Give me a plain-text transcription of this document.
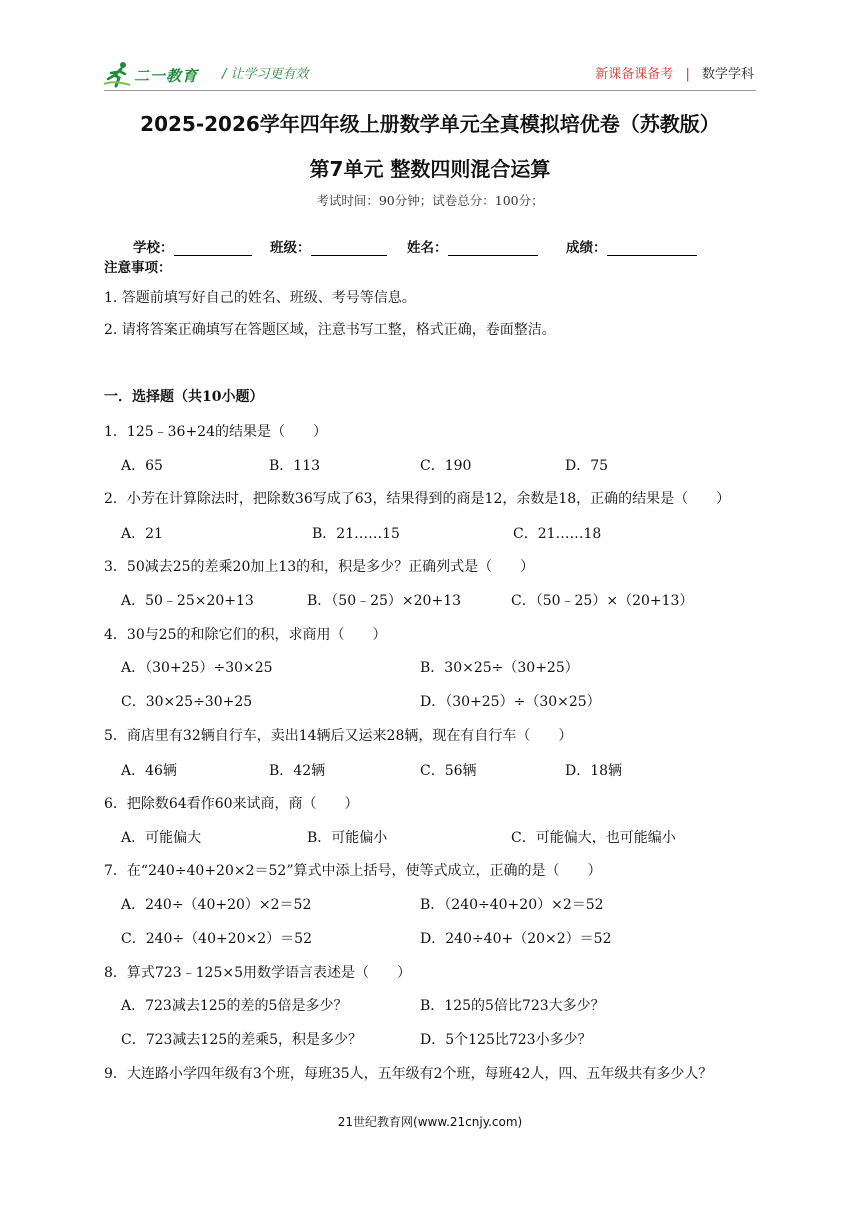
二一教育 / 让学习更有效	新课备课备考 | 数学学科
2025-2026学年四年级上册数学单元全真模拟培优卷（苏教版）
第7单元 整数四则混合运算
考试时间：90分钟；试卷总分：100分；
学校：	班级：	姓名：	成绩：
注意事项：
1. 答题前填写好自己的姓名、班级、考号等信息。
2. 请将答案正确填写在答题区域，注意书写工整，格式正确，卷面整洁。
一．选择题（共10小题）
1．125﹣36+24的结果是（　　）
A．65	B．113	C．190	D．75
2．小芳在计算除法时，把除数36写成了63，结果得到的商是12，余数是18，正确的结果是（　　）
A．21	B．21……15	C．21……18
3．50减去25的差乘20加上13的和，积是多少？正确列式是（　　）
A．50﹣25×20+13	B．（50﹣25）×20+13	C．（50﹣25）×（20+13）
4．30与25的和除它们的积，求商用（　　）
A．（30+25）÷30×25	B．30×25÷（30+25）
C．30×25÷30+25	D．（30+25）÷（30×25）
5．商店里有32辆自行车，卖出14辆后又运来28辆，现在有自行车（　　）
A．46辆	B．42辆	C．56辆	D．18辆
6．把除数64看作60来试商，商（　　）
A．可能偏大	B．可能偏小	C．可能偏大，也可能编小
7．在“240÷40+20×2＝52”算式中添上括号，使等式成立，正确的是（　　）
A．240÷（40+20）×2＝52	B．（240÷40+20）×2＝52
C．240÷（40+20×2）＝52	D．240÷40+（20×2）＝52
8．算式723﹣125×5用数学语言表述是（　　）
A．723减去125的差的5倍是多少？	B．125的5倍比723大多少？
C．723减去125的差乘5，积是多少？	D．5个125比723小多少？
9．大连路小学四年级有3个班，每班35人，五年级有2个班，每班42人，四、五年级共有多少人？
21世纪教育网(www.21cnjy.com)
